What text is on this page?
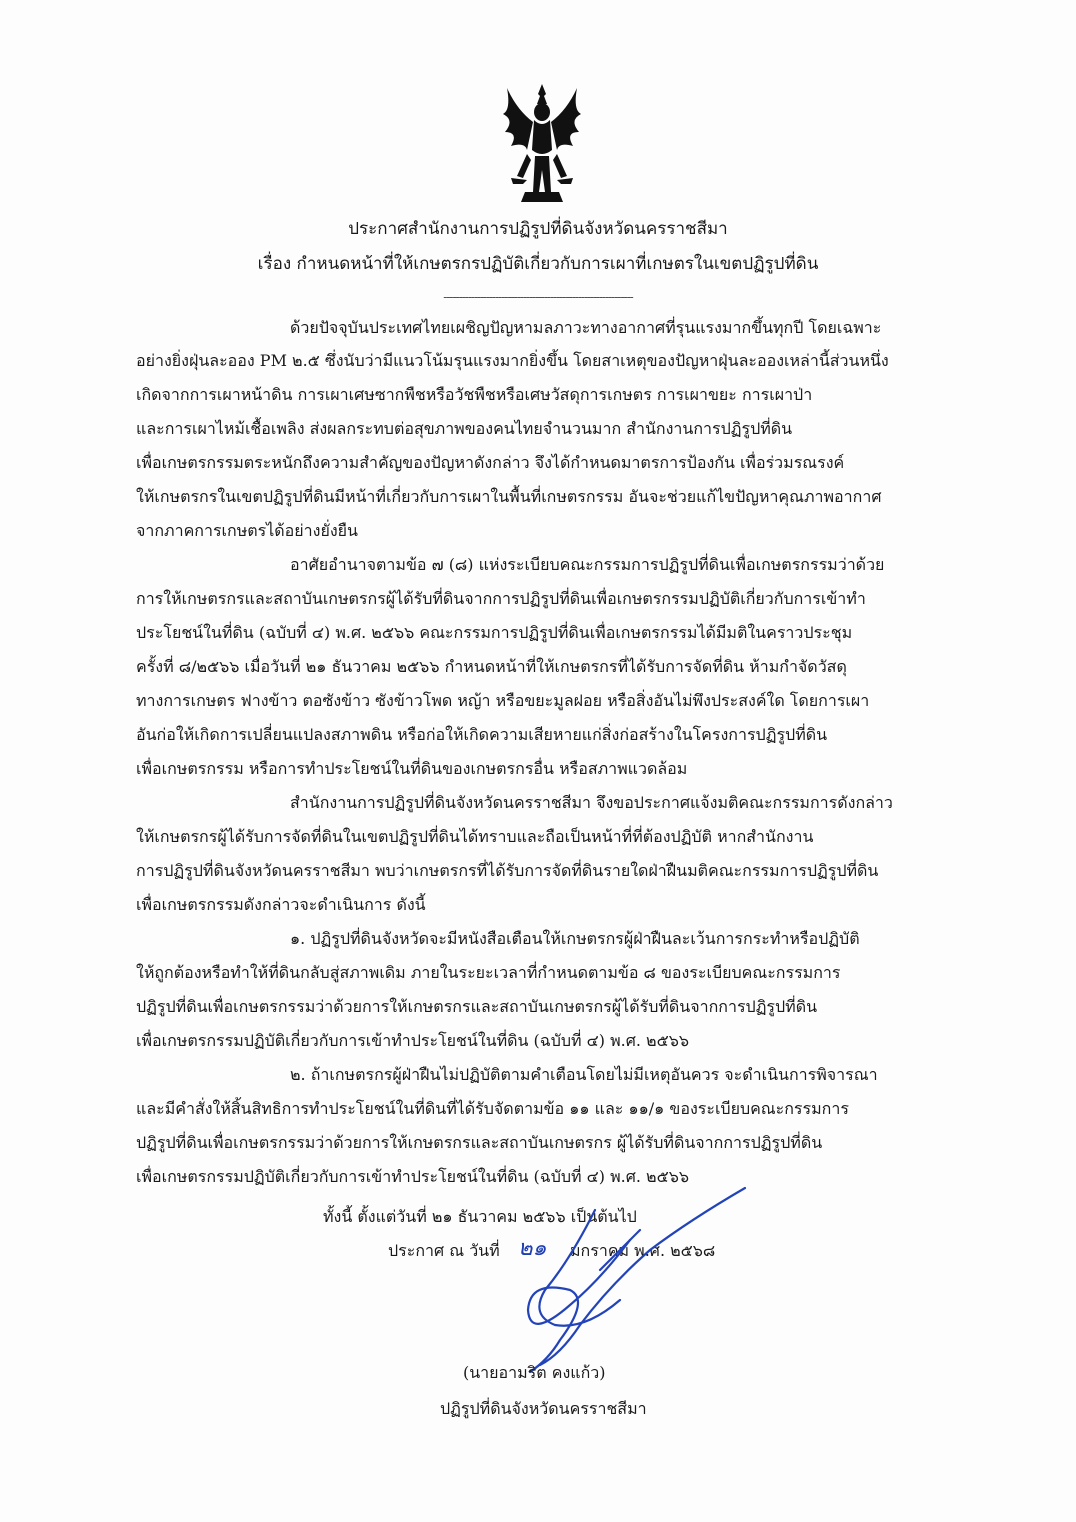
ประกาศสำนักงานการปฏิรูปที่ดินจังหวัดนครราชสีมา
เรื่อง กำหนดหน้าที่ให้เกษตรกรปฏิบัติเกี่ยวกับการเผาที่เกษตรในเขตปฏิรูปที่ดิน
--------------------------------------------------------------
ด้วยปัจจุบันประเทศไทยเผชิญปัญหามลภาวะทางอากาศที่รุนแรงมากขึ้นทุกปี โดยเฉพาะ
อย่างยิ่งฝุ่นละออง PM ๒.๕ ซึ่งนับว่ามีแนวโน้มรุนแรงมากยิ่งขึ้น โดยสาเหตุของปัญหาฝุ่นละอองเหล่านี้ส่วนหนึ่ง
เกิดจากการเผาหน้าดิน การเผาเศษซากพืชหรือวัชพืชหรือเศษวัสดุการเกษตร การเผาขยะ การเผาป่า
และการเผาไหม้เชื้อเพลิง ส่งผลกระทบต่อสุขภาพของคนไทยจำนวนมาก สำนักงานการปฏิรูปที่ดิน
เพื่อเกษตรกรรมตระหนักถึงความสำคัญของปัญหาดังกล่าว จึงได้กำหนดมาตรการป้องกัน เพื่อร่วมรณรงค์
ให้เกษตรกรในเขตปฏิรูปที่ดินมีหน้าที่เกี่ยวกับการเผาในพื้นที่เกษตรกรรม อันจะช่วยแก้ไขปัญหาคุณภาพอากาศ
จากภาคการเกษตรได้อย่างยั่งยืน
อาศัยอำนาจตามข้อ ๗ (๘) แห่งระเบียบคณะกรรมการปฏิรูปที่ดินเพื่อเกษตรกรรมว่าด้วย
การให้เกษตรกรและสถาบันเกษตรกรผู้ได้รับที่ดินจากการปฏิรูปที่ดินเพื่อเกษตรกรรมปฏิบัติเกี่ยวกับการเข้าทำ
ประโยชน์ในที่ดิน (ฉบับที่ ๔) พ.ศ. ๒๕๖๖ คณะกรรมการปฏิรูปที่ดินเพื่อเกษตรกรรมได้มีมติในคราวประชุม
ครั้งที่ ๘/๒๕๖๖ เมื่อวันที่ ๒๑ ธันวาคม ๒๕๖๖ กำหนดหน้าที่ให้เกษตรกรที่ได้รับการจัดที่ดิน ห้ามกำจัดวัสดุ
ทางการเกษตร ฟางข้าว ตอซังข้าว ซังข้าวโพด หญ้า หรือขยะมูลฝอย หรือสิ่งอันไม่พึงประสงค์ใด โดยการเผา
อันก่อให้เกิดการเปลี่ยนแปลงสภาพดิน หรือก่อให้เกิดความเสียหายแก่สิ่งก่อสร้างในโครงการปฏิรูปที่ดิน
เพื่อเกษตรกรรม หรือการทำประโยชน์ในที่ดินของเกษตรกรอื่น หรือสภาพแวดล้อม
สำนักงานการปฏิรูปที่ดินจังหวัดนครราชสีมา จึงขอประกาศแจ้งมติคณะกรรมการดังกล่าว
ให้เกษตรกรผู้ได้รับการจัดที่ดินในเขตปฏิรูปที่ดินได้ทราบและถือเป็นหน้าที่ที่ต้องปฏิบัติ หากสำนักงาน
การปฏิรูปที่ดินจังหวัดนครราชสีมา พบว่าเกษตรกรที่ได้รับการจัดที่ดินรายใดฝ่าฝืนมติคณะกรรมการปฏิรูปที่ดิน
เพื่อเกษตรกรรมดังกล่าวจะดำเนินการ ดังนี้
๑. ปฏิรูปที่ดินจังหวัดจะมีหนังสือเตือนให้เกษตรกรผู้ฝ่าฝืนละเว้นการกระทำหรือปฏิบัติ
ให้ถูกต้องหรือทำให้ที่ดินกลับสู่สภาพเดิม ภายในระยะเวลาที่กำหนดตามข้อ ๘ ของระเบียบคณะกรรมการ
ปฏิรูปที่ดินเพื่อเกษตรกรรมว่าด้วยการให้เกษตรกรและสถาบันเกษตรกรผู้ได้รับที่ดินจากการปฏิรูปที่ดิน
เพื่อเกษตรกรรมปฏิบัติเกี่ยวกับการเข้าทำประโยชน์ในที่ดิน (ฉบับที่ ๔) พ.ศ. ๒๕๖๖
๒. ถ้าเกษตรกรผู้ฝ่าฝืนไม่ปฏิบัติตามคำเตือนโดยไม่มีเหตุอันควร จะดำเนินการพิจารณา
และมีคำสั่งให้สิ้นสิทธิการทำประโยชน์ในที่ดินที่ได้รับจัดตามข้อ ๑๑ และ ๑๑/๑ ของระเบียบคณะกรรมการ
ปฏิรูปที่ดินเพื่อเกษตรกรรมว่าด้วยการให้เกษตรกรและสถาบันเกษตรกร ผู้ได้รับที่ดินจากการปฏิรูปที่ดิน
เพื่อเกษตรกรรมปฏิบัติเกี่ยวกับการเข้าทำประโยชน์ในที่ดิน (ฉบับที่ ๔) พ.ศ. ๒๕๖๖
ทั้งนี้ ตั้งแต่วันที่ ๒๑ ธันวาคม ๒๕๖๖ เป็นต้นไป
ประกาศ ณ วันที่ ๒๑ มกราคม พ.ศ. ๒๕๖๘
(นายอามริต คงแก้ว)
ปฏิรูปที่ดินจังหวัดนครราชสีมา
